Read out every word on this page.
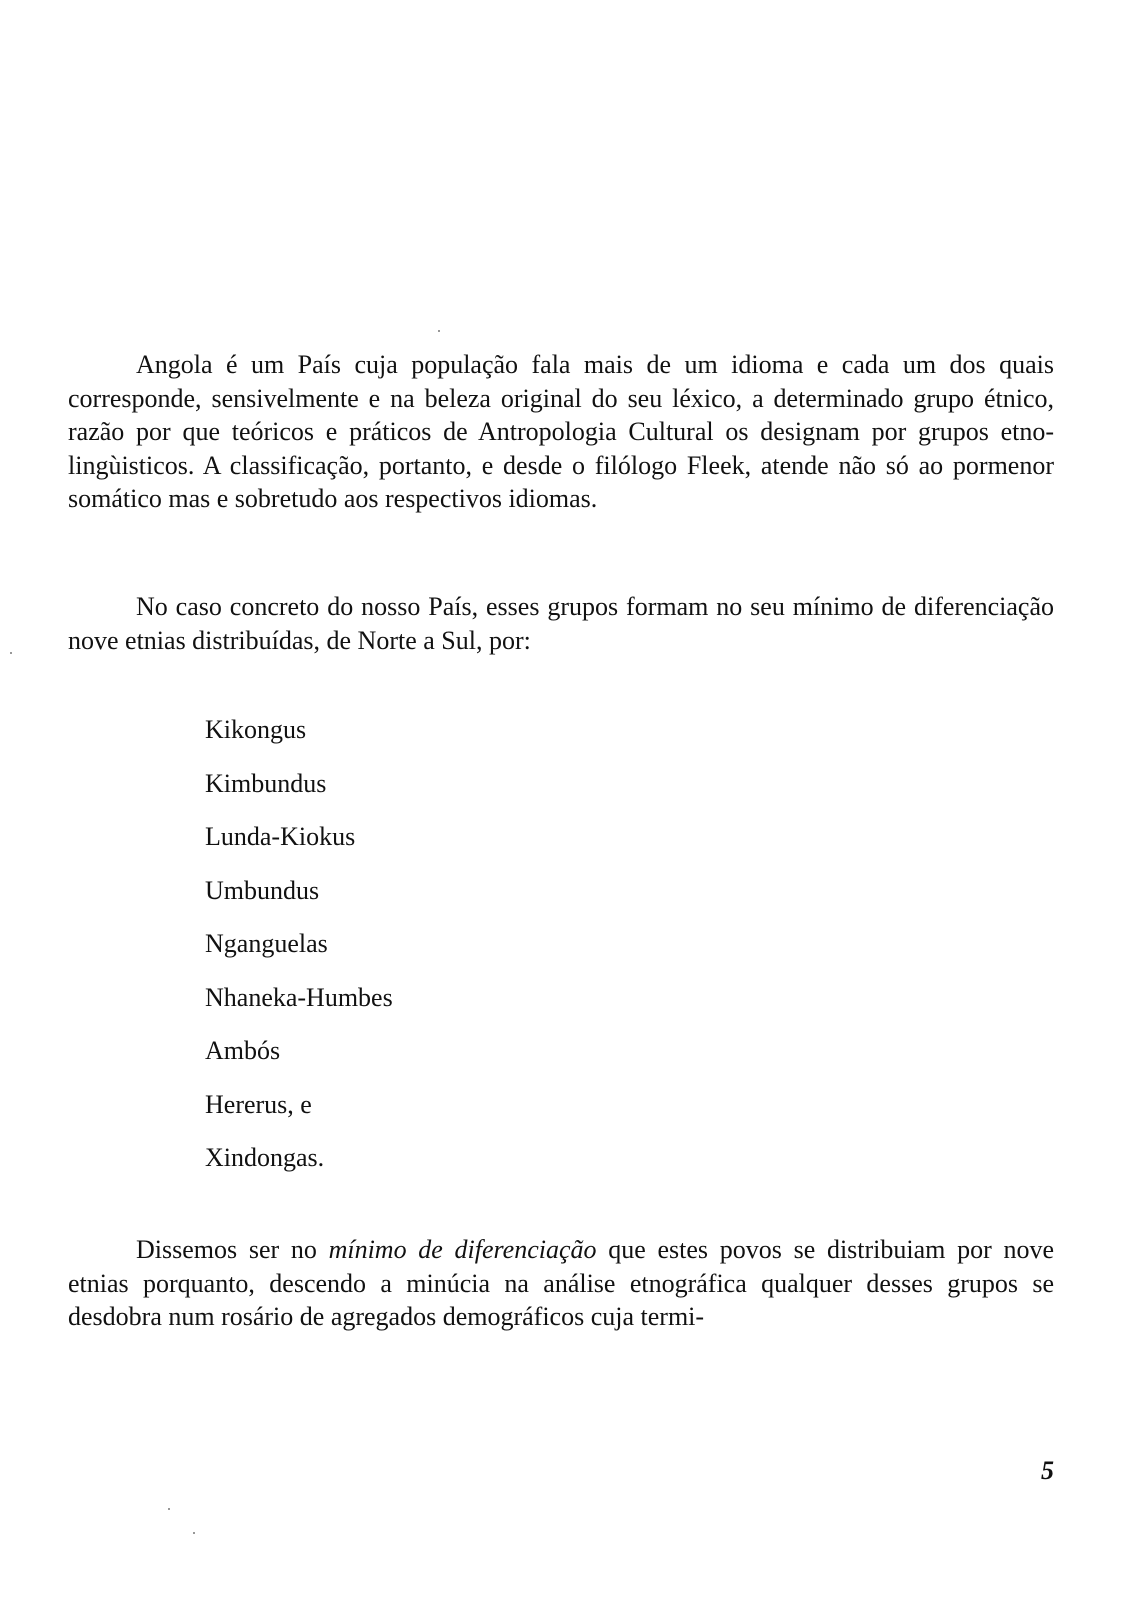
Angola é um País cuja população fala mais de um idioma e cada um dos quais corresponde, sensivelmente e na beleza original do seu léxico, a determinado grupo étnico, razão por que teóricos e práticos de Antropologia Cultural os designam por grupos etno-lingùisticos. A classificação, portanto, e desde o filólogo Fleek, atende não só ao pormenor somático mas e sobretudo aos respectivos idiomas.

No caso concreto do nosso País, esses grupos formam no seu mínimo de diferenciação nove etnias distribuídas, de Norte a Sul, por:

Kikongus
Kimbundus
Lunda-Kiokus
Umbundus
Nganguelas
Nhaneka-Humbes
Ambós
Hererus, e
Xindongas.

Dissemos ser no mínimo de diferenciação que estes povos se distribuiam por nove etnias porquanto, descendo a minúcia na análise etnográfica qualquer desses grupos se desdobra num rosário de agregados demográficos cuja termi-

5
